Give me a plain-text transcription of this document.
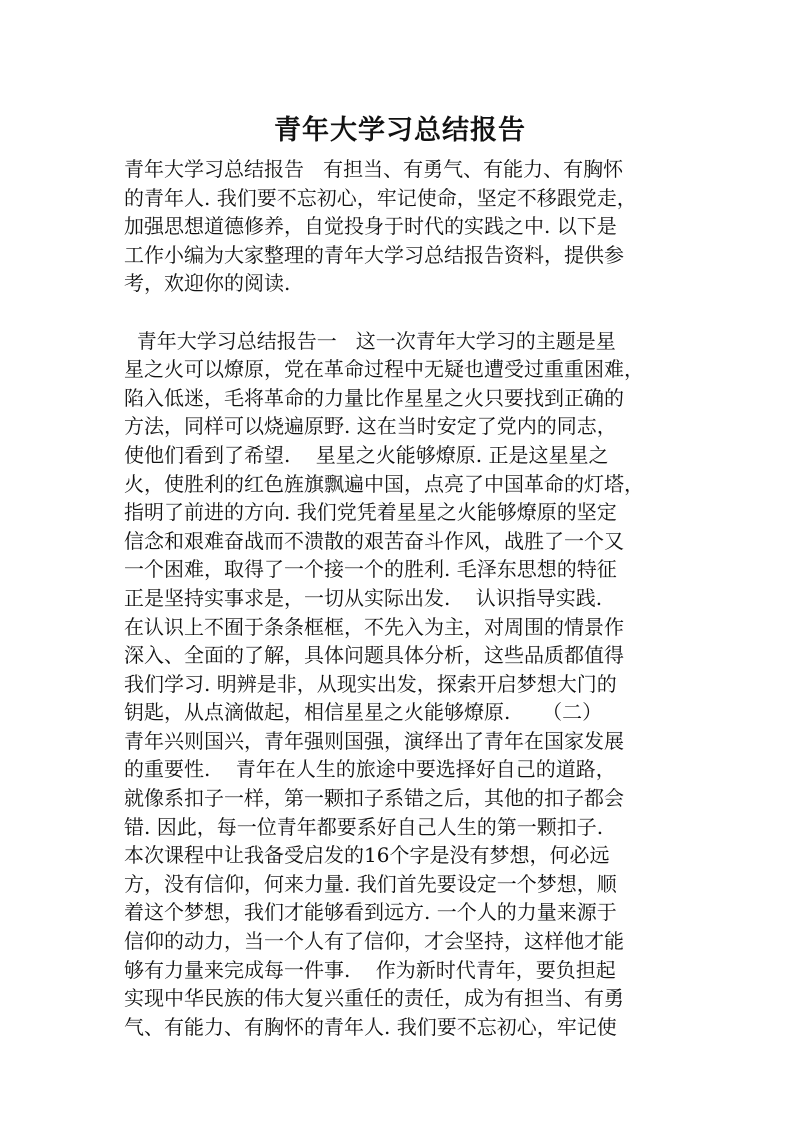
青年大学习总结报告
青年大学习总结报告   有担当、有勇气、有能力、有胸怀
的青年人. 我们要不忘初心，牢记使命，坚定不移跟党走，
加强思想道德修养，自觉投身于时代的实践之中. 以下是
工作小编为大家整理的青年大学习总结报告资料，提供参
考，欢迎你的阅读.
青年大学习总结报告一   这一次青年大学习的主题是星
星之火可以燎原，党在革命过程中无疑也遭受过重重困难，
陷入低迷，毛将革命的力量比作星星之火只要找到正确的
方法，同样可以烧遍原野. 这在当时安定了党内的同志，
使他们看到了希望.    星星之火能够燎原. 正是这星星之
火，使胜利的红色旌旗飘遍中国，点亮了中国革命的灯塔，
指明了前进的方向. 我们党凭着星星之火能够燎原的坚定
信念和艰难奋战而不溃散的艰苦奋斗作风，战胜了一个又
一个困难，取得了一个接一个的胜利. 毛泽东思想的特征
正是坚持实事求是，一切从实际出发.    认识指导实践.
在认识上不囿于条条框框，不先入为主，对周围的情景作
深入、全面的了解，具体问题具体分析，这些品质都值得
我们学习. 明辨是非，从现实出发，探索开启梦想大门的
钥匙，从点滴做起，相信星星之火能够燎原.     （二）
青年兴则国兴，青年强则国强，演绎出了青年在国家发展
的重要性.    青年在人生的旅途中要选择好自己的道路，
就像系扣子一样，第一颗扣子系错之后，其他的扣子都会
错. 因此，每一位青年都要系好自己人生的第一颗扣子.
本次课程中让我备受启发的16个字是没有梦想，何必远
方，没有信仰，何来力量. 我们首先要设定一个梦想，顺
着这个梦想，我们才能够看到远方. 一个人的力量来源于
信仰的动力，当一个人有了信仰，才会坚持，这样他才能
够有力量来完成每一件事.    作为新时代青年，要负担起
实现中华民族的伟大复兴重任的责任，成为有担当、有勇
气、有能力、有胸怀的青年人. 我们要不忘初心，牢记使
